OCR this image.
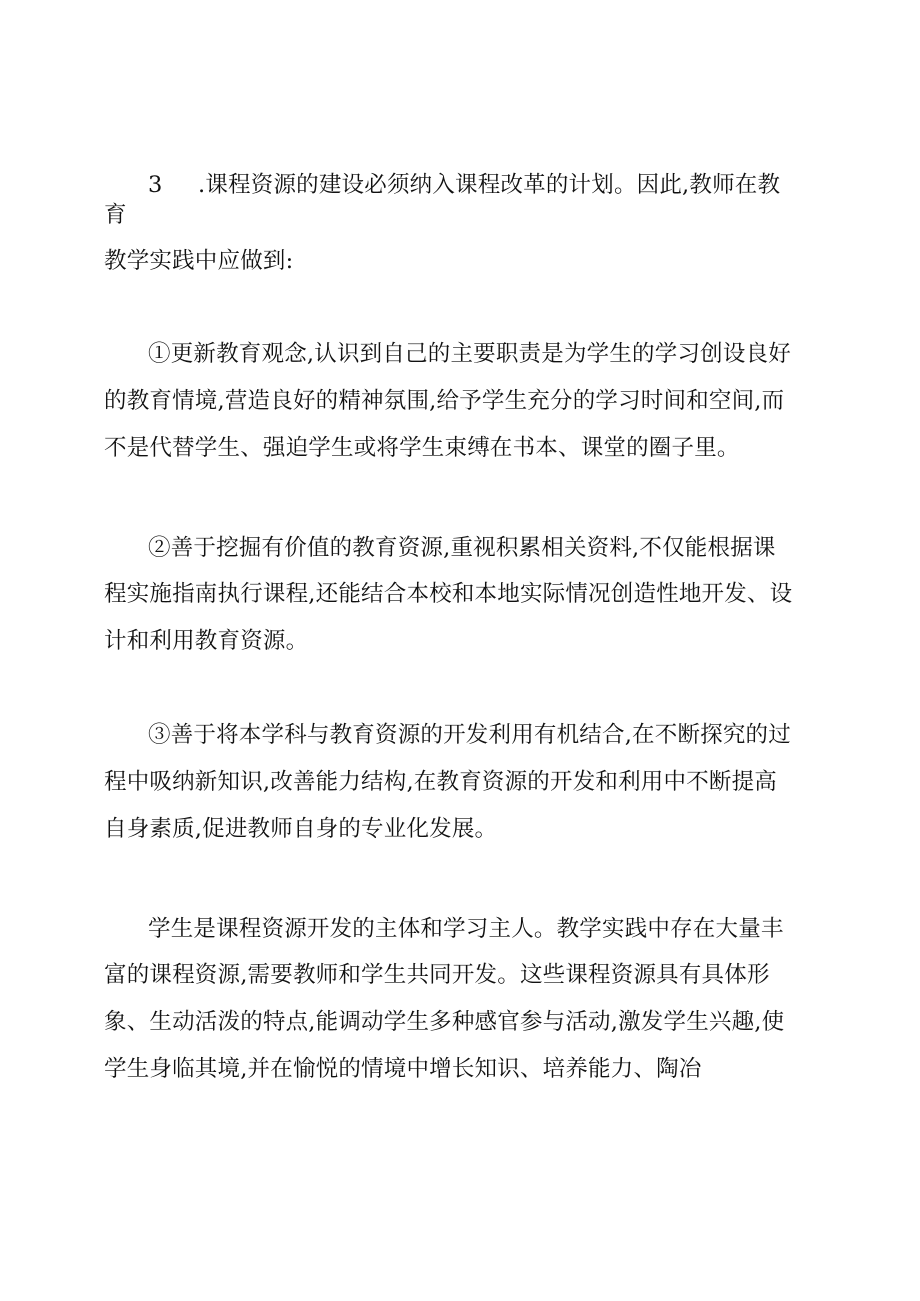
3 .课程资源的建设必须纳入课程改革的计划。因此,教师在教
育
教学实践中应做到:
①更新教育观念,认识到自己的主要职责是为学生的学习创设良好
的教育情境,营造良好的精神氛围,给予学生充分的学习时间和空间,而
不是代替学生、强迫学生或将学生束缚在书本、课堂的圈子里。
②善于挖掘有价值的教育资源,重视积累相关资料,不仅能根据课
程实施指南执行课程,还能结合本校和本地实际情况创造性地开发、设
计和利用教育资源。
③善于将本学科与教育资源的开发利用有机结合,在不断探究的过
程中吸纳新知识,改善能力结构,在教育资源的开发和利用中不断提高
自身素质,促进教师自身的专业化发展。
学生是课程资源开发的主体和学习主人。教学实践中存在大量丰
富的课程资源,需要教师和学生共同开发。这些课程资源具有具体形
象、生动活泼的特点,能调动学生多种感官参与活动,激发学生兴趣,使
学生身临其境,并在愉悦的情境中增长知识、培养能力、陶冶
